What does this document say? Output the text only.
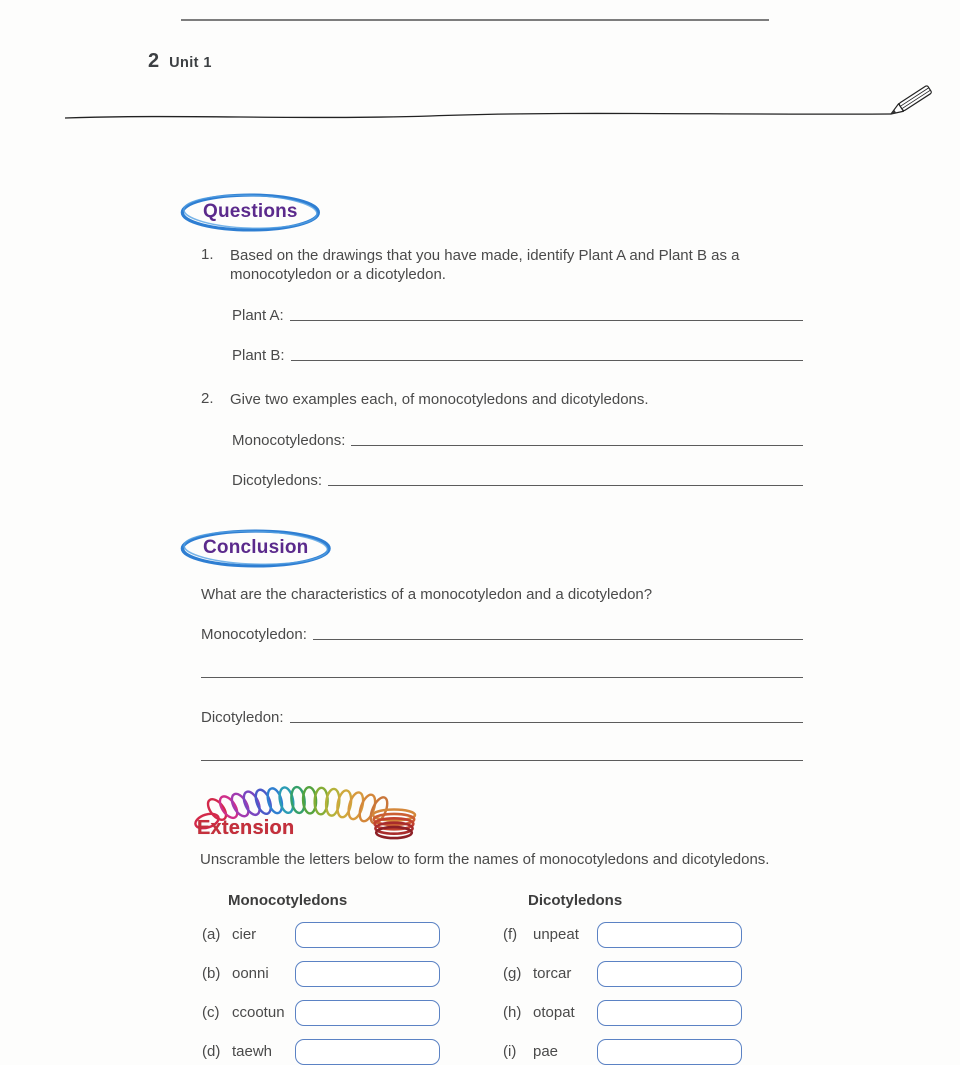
2 Unit 1
Questions
1.	Based on the drawings that you have made, identify Plant A and Plant B as a monocotyledon or a dicotyledon.
Plant A:
Plant B:
2.	Give two examples each, of monocotyledons and dicotyledons.
Monocotyledons:
Dicotyledons:
Conclusion
What are the characteristics of a monocotyledon and a dicotyledon?
Monocotyledon:
Dicotyledon:
Extension
Unscramble the letters below to form the names of monocotyledons and dicotyledons.
Monocotyledons	Dicotyledons
(a) cier	(f)	unpeat
(b) oonni	(g) torcar
(c) ccootun	(h) otopat
(d) taewh	(i)	pae
